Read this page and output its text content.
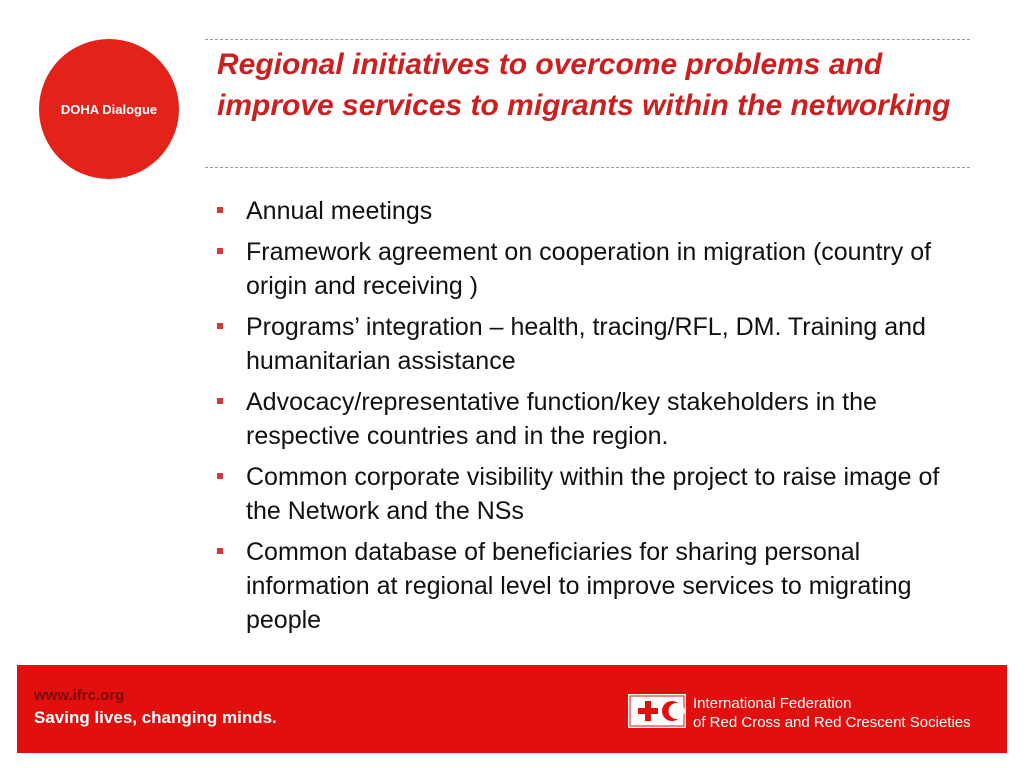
DOHA Dialogue
Regional initiatives to overcome problems and improve services to migrants within the networking
Annual meetings
Framework agreement on cooperation in migration (country of origin and receiving )
Programs’ integration – health, tracing/RFL, DM. Training and humanitarian assistance
Advocacy/representative function/key stakeholders in the respective countries and in the region.
Common corporate visibility within the project to raise image of the Network and the NSs
Common database of beneficiaries for sharing personal information at regional level to improve services to migrating people
www.ifrc.org
Saving lives, changing minds.
International Federation
of Red Cross and Red Crescent Societies
